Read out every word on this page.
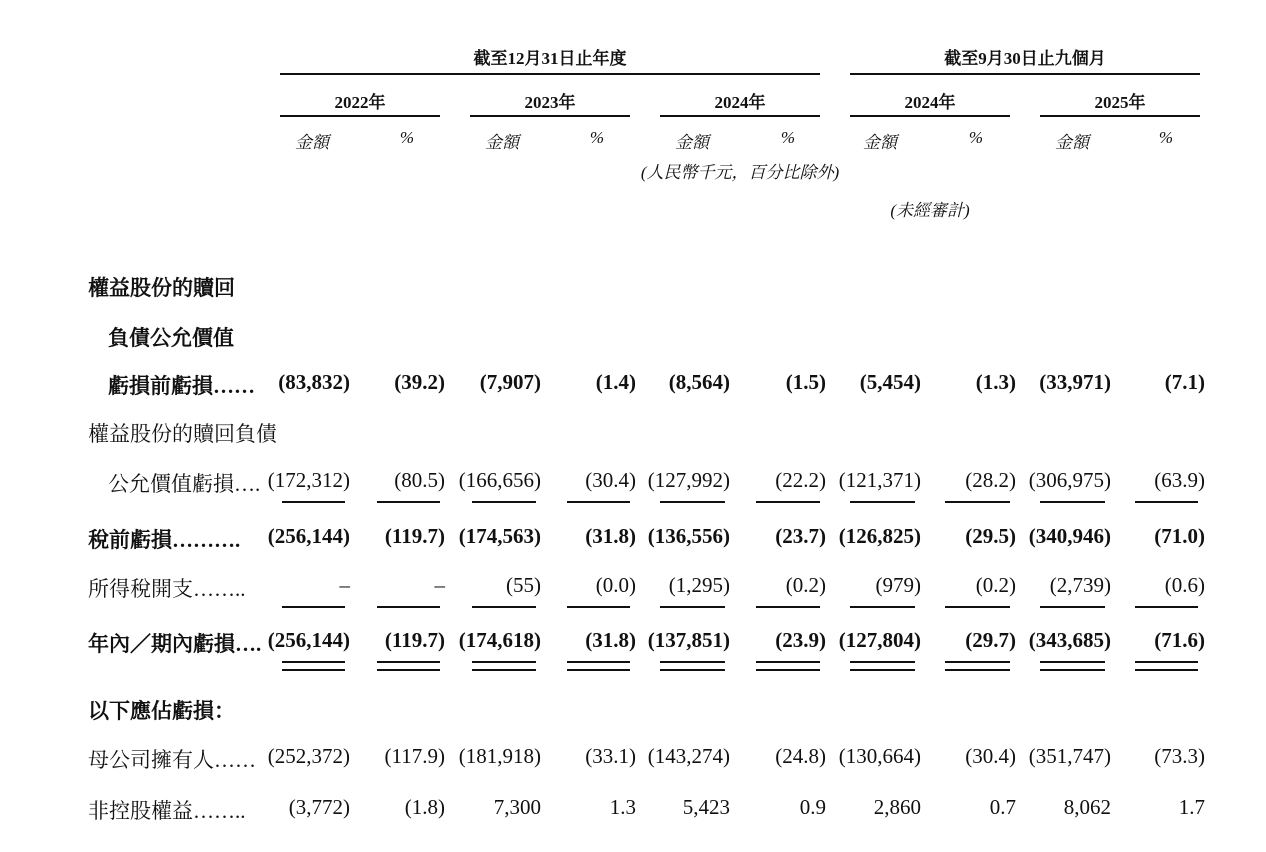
截至12月31日止年度	截至9月30日止九個月
2022年	2023年	2024年	2024年	2025年
金額	%	金額	%	金額	%	金額	%	金額	%
(人民幣千元，百分比除外)
(未經審計)
權益股份的贖回
負債公允價值
虧損前虧損……	(83,832)	(39.2)	(7,907)	(1.4)	(8,564)	(1.5)	(5,454)	(1.3)	(33,971)	(7.1)
權益股份的贖回負債
公允價值虧損…. (172,312)	(80.5) (166,656)	(30.4) (127,992)	(22.2) (121,371)	(28.2) (306,975)	(63.9)
稅前虧損……….	(256,144)	(119.7) (174,563)	(31.8) (136,556)	(23.7) (126,825)	(29.5) (340,946)	(71.0)
所得稅開支……..	–	–	(55)	(0.0)	(1,295)	(0.2)	(979)	(0.2)	(2,739)	(0.6)
年內／期內虧損…. (256,144)	(119.7) (174,618)	(31.8) (137,851)	(23.9) (127,804)	(29.7) (343,685)	(71.6)
以下應佔虧損：
母公司擁有人…… (252,372)	(117.9) (181,918)	(33.1) (143,274)	(24.8) (130,664)	(30.4) (351,747)	(73.3)
非控股權益……..	(3,772)	(1.8)	7,300	1.3	5,423	0.9	2,860	0.7	8,062	1.7
